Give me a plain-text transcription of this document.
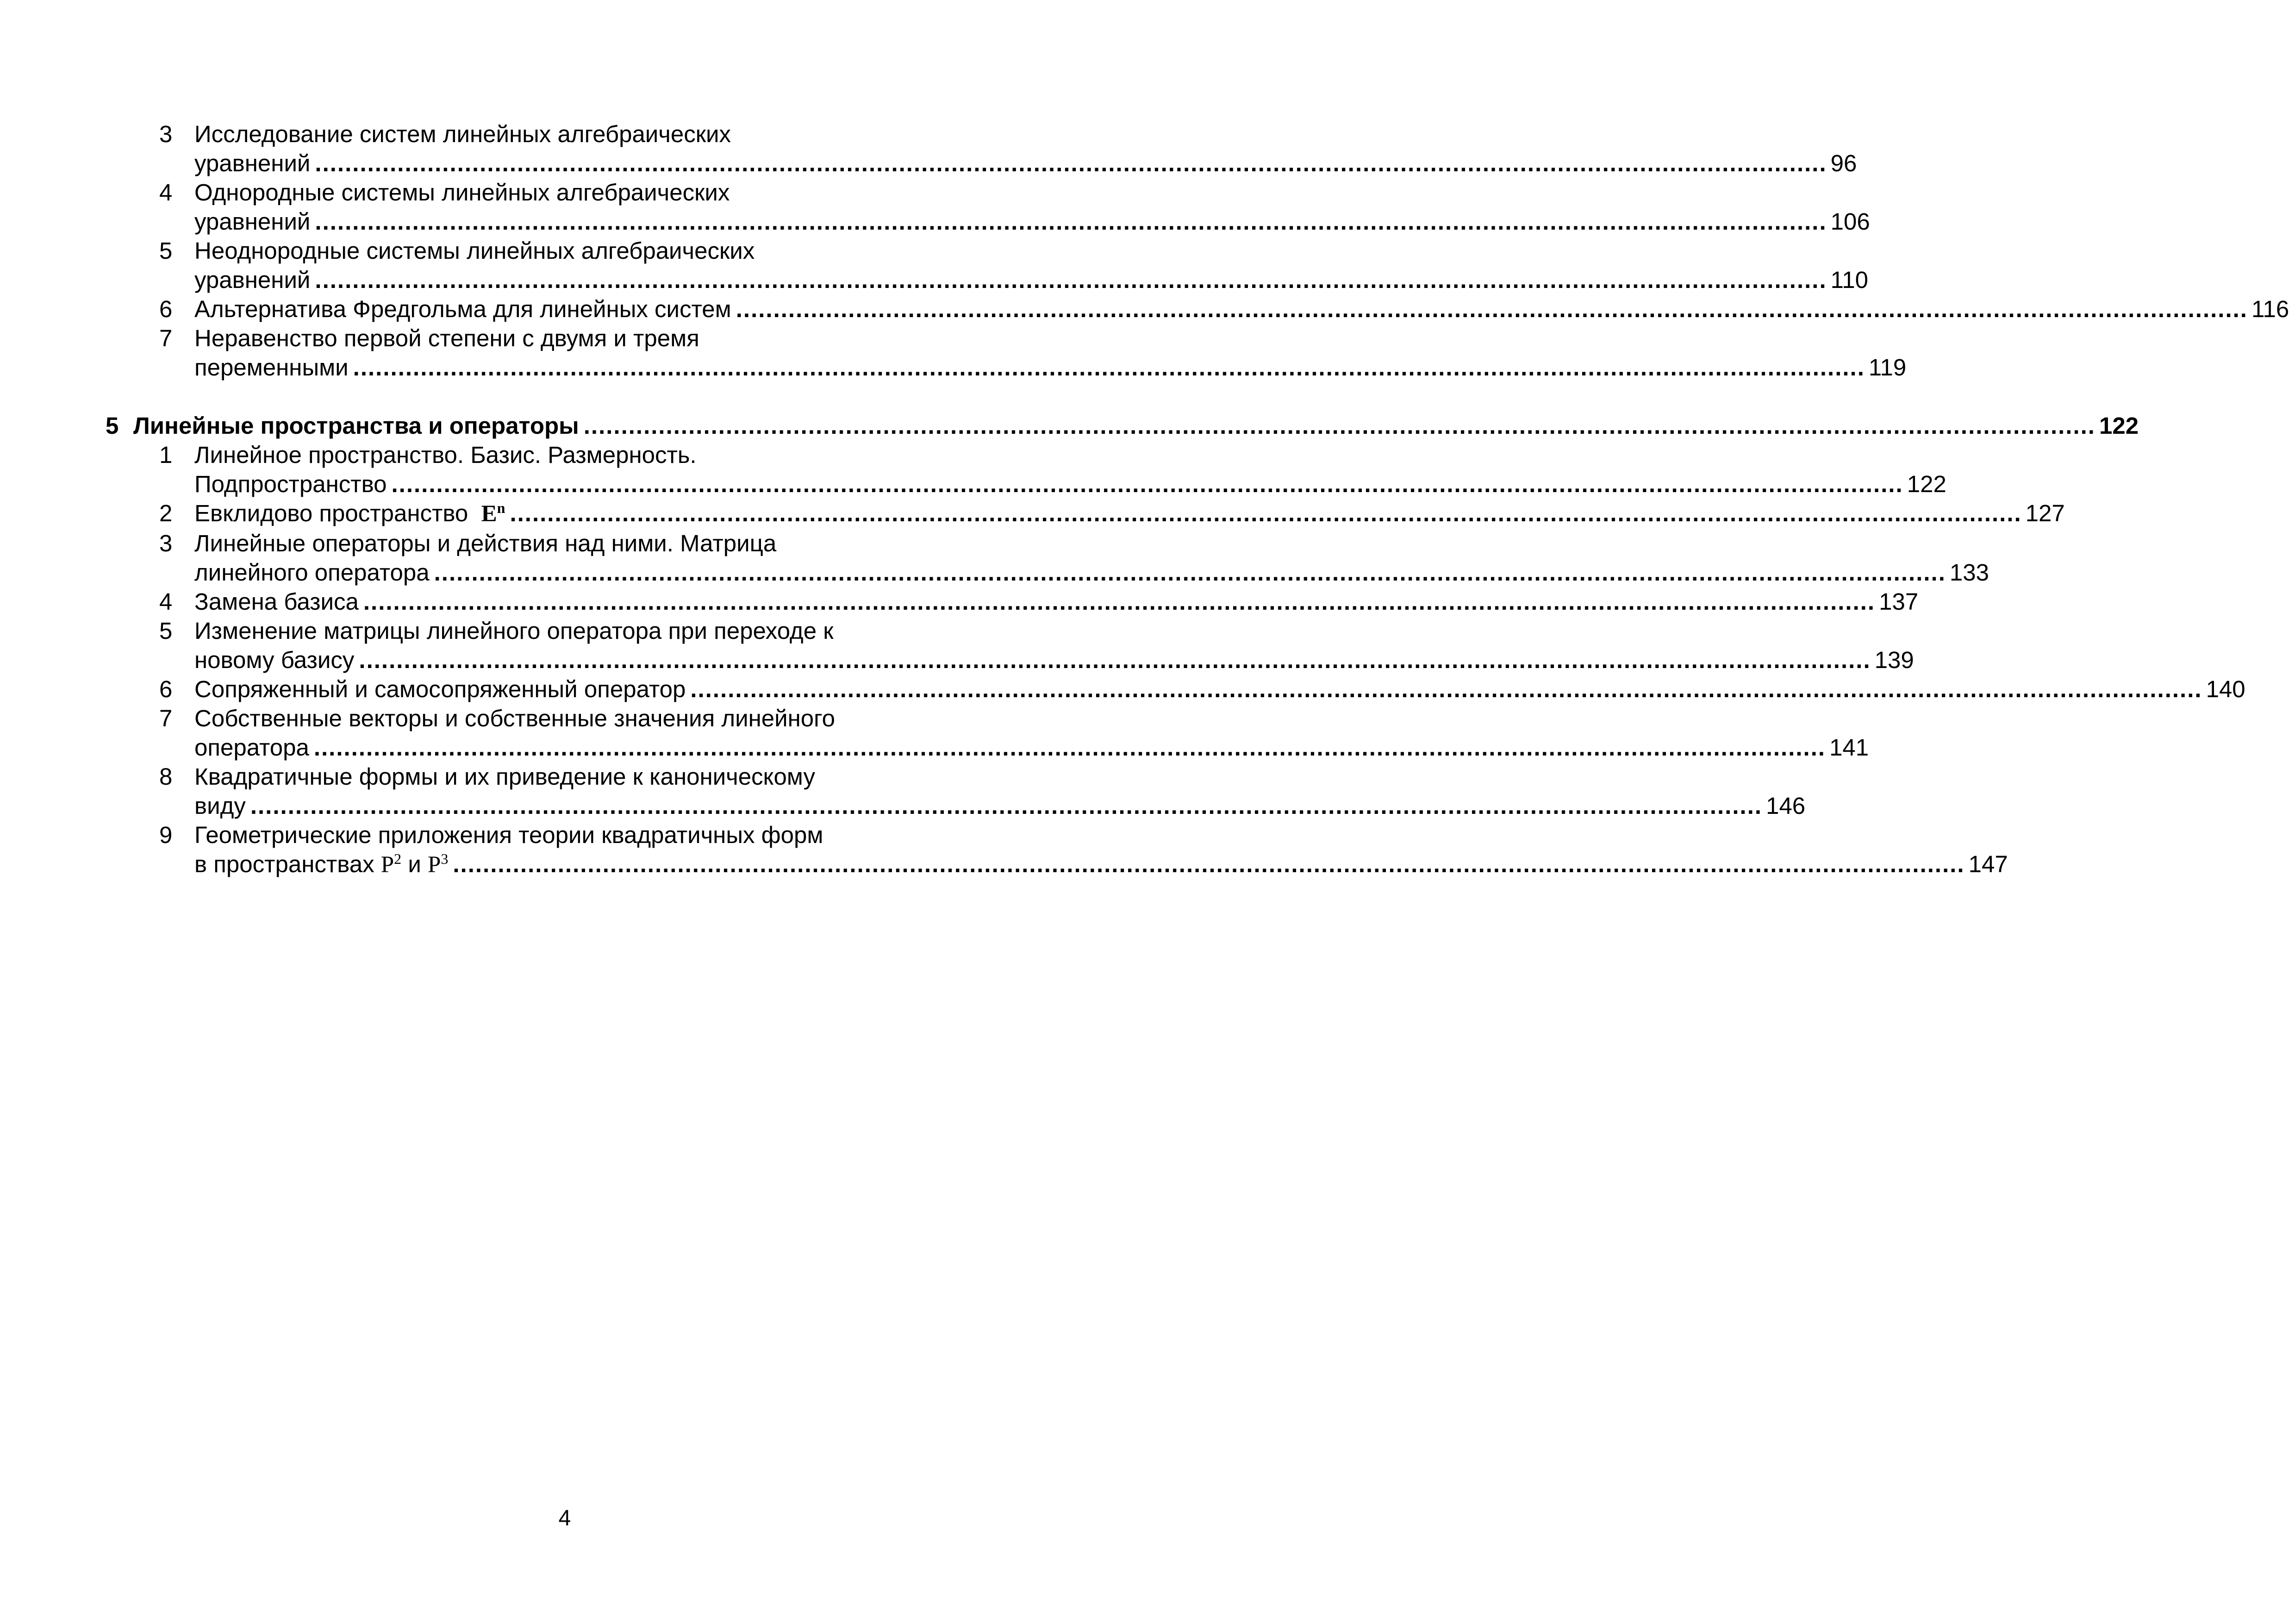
3 Исследование систем линейных алгебраических
уравнений .......................................................................................................................................................................................................... 96
4 Однородные системы линейных алгебраических
уравнений .......................................................................................................................................................................................................... 106
5 Неоднородные системы линейных алгебраических
уравнений .......................................................................................................................................................................................................... 110
6 Альтернатива Фредгольма для линейных систем .......................................................................................................................................................................................................... 116
7 Неравенство первой степени с двумя и тремя
переменными .......................................................................................................................................................................................................... 119
5 Линейные пространства и операторы .......................................................................................................................................................................................................... 122
1 Линейное пространство. Базис. Размерность.
Подпространство .......................................................................................................................................................................................................... 122
2 Евклидово пространство $E^n$ .......................................................................................................................................................................................................... 127
3 Линейные операторы и действия над ними. Матрица
линейного оператора .......................................................................................................................................................................................................... 133
4 Замена базиса .......................................................................................................................................................................................................... 137
5 Изменение матрицы линейного оператора при переходе к
новому базису .......................................................................................................................................................................................................... 139
6 Сопряженный и самосопряженный оператор .......................................................................................................................................................................................................... 140
7 Собственные векторы и собственные значения линейного
оператора .......................................................................................................................................................................................................... 141
8 Квадратичные формы и их приведение к каноническому
виду .......................................................................................................................................................................................................... 146
9 Геометрические приложения теории квадратичных форм
в пространствах $P^2$ и $P^3$ .......................................................................................................................................................................................................... 147
4
